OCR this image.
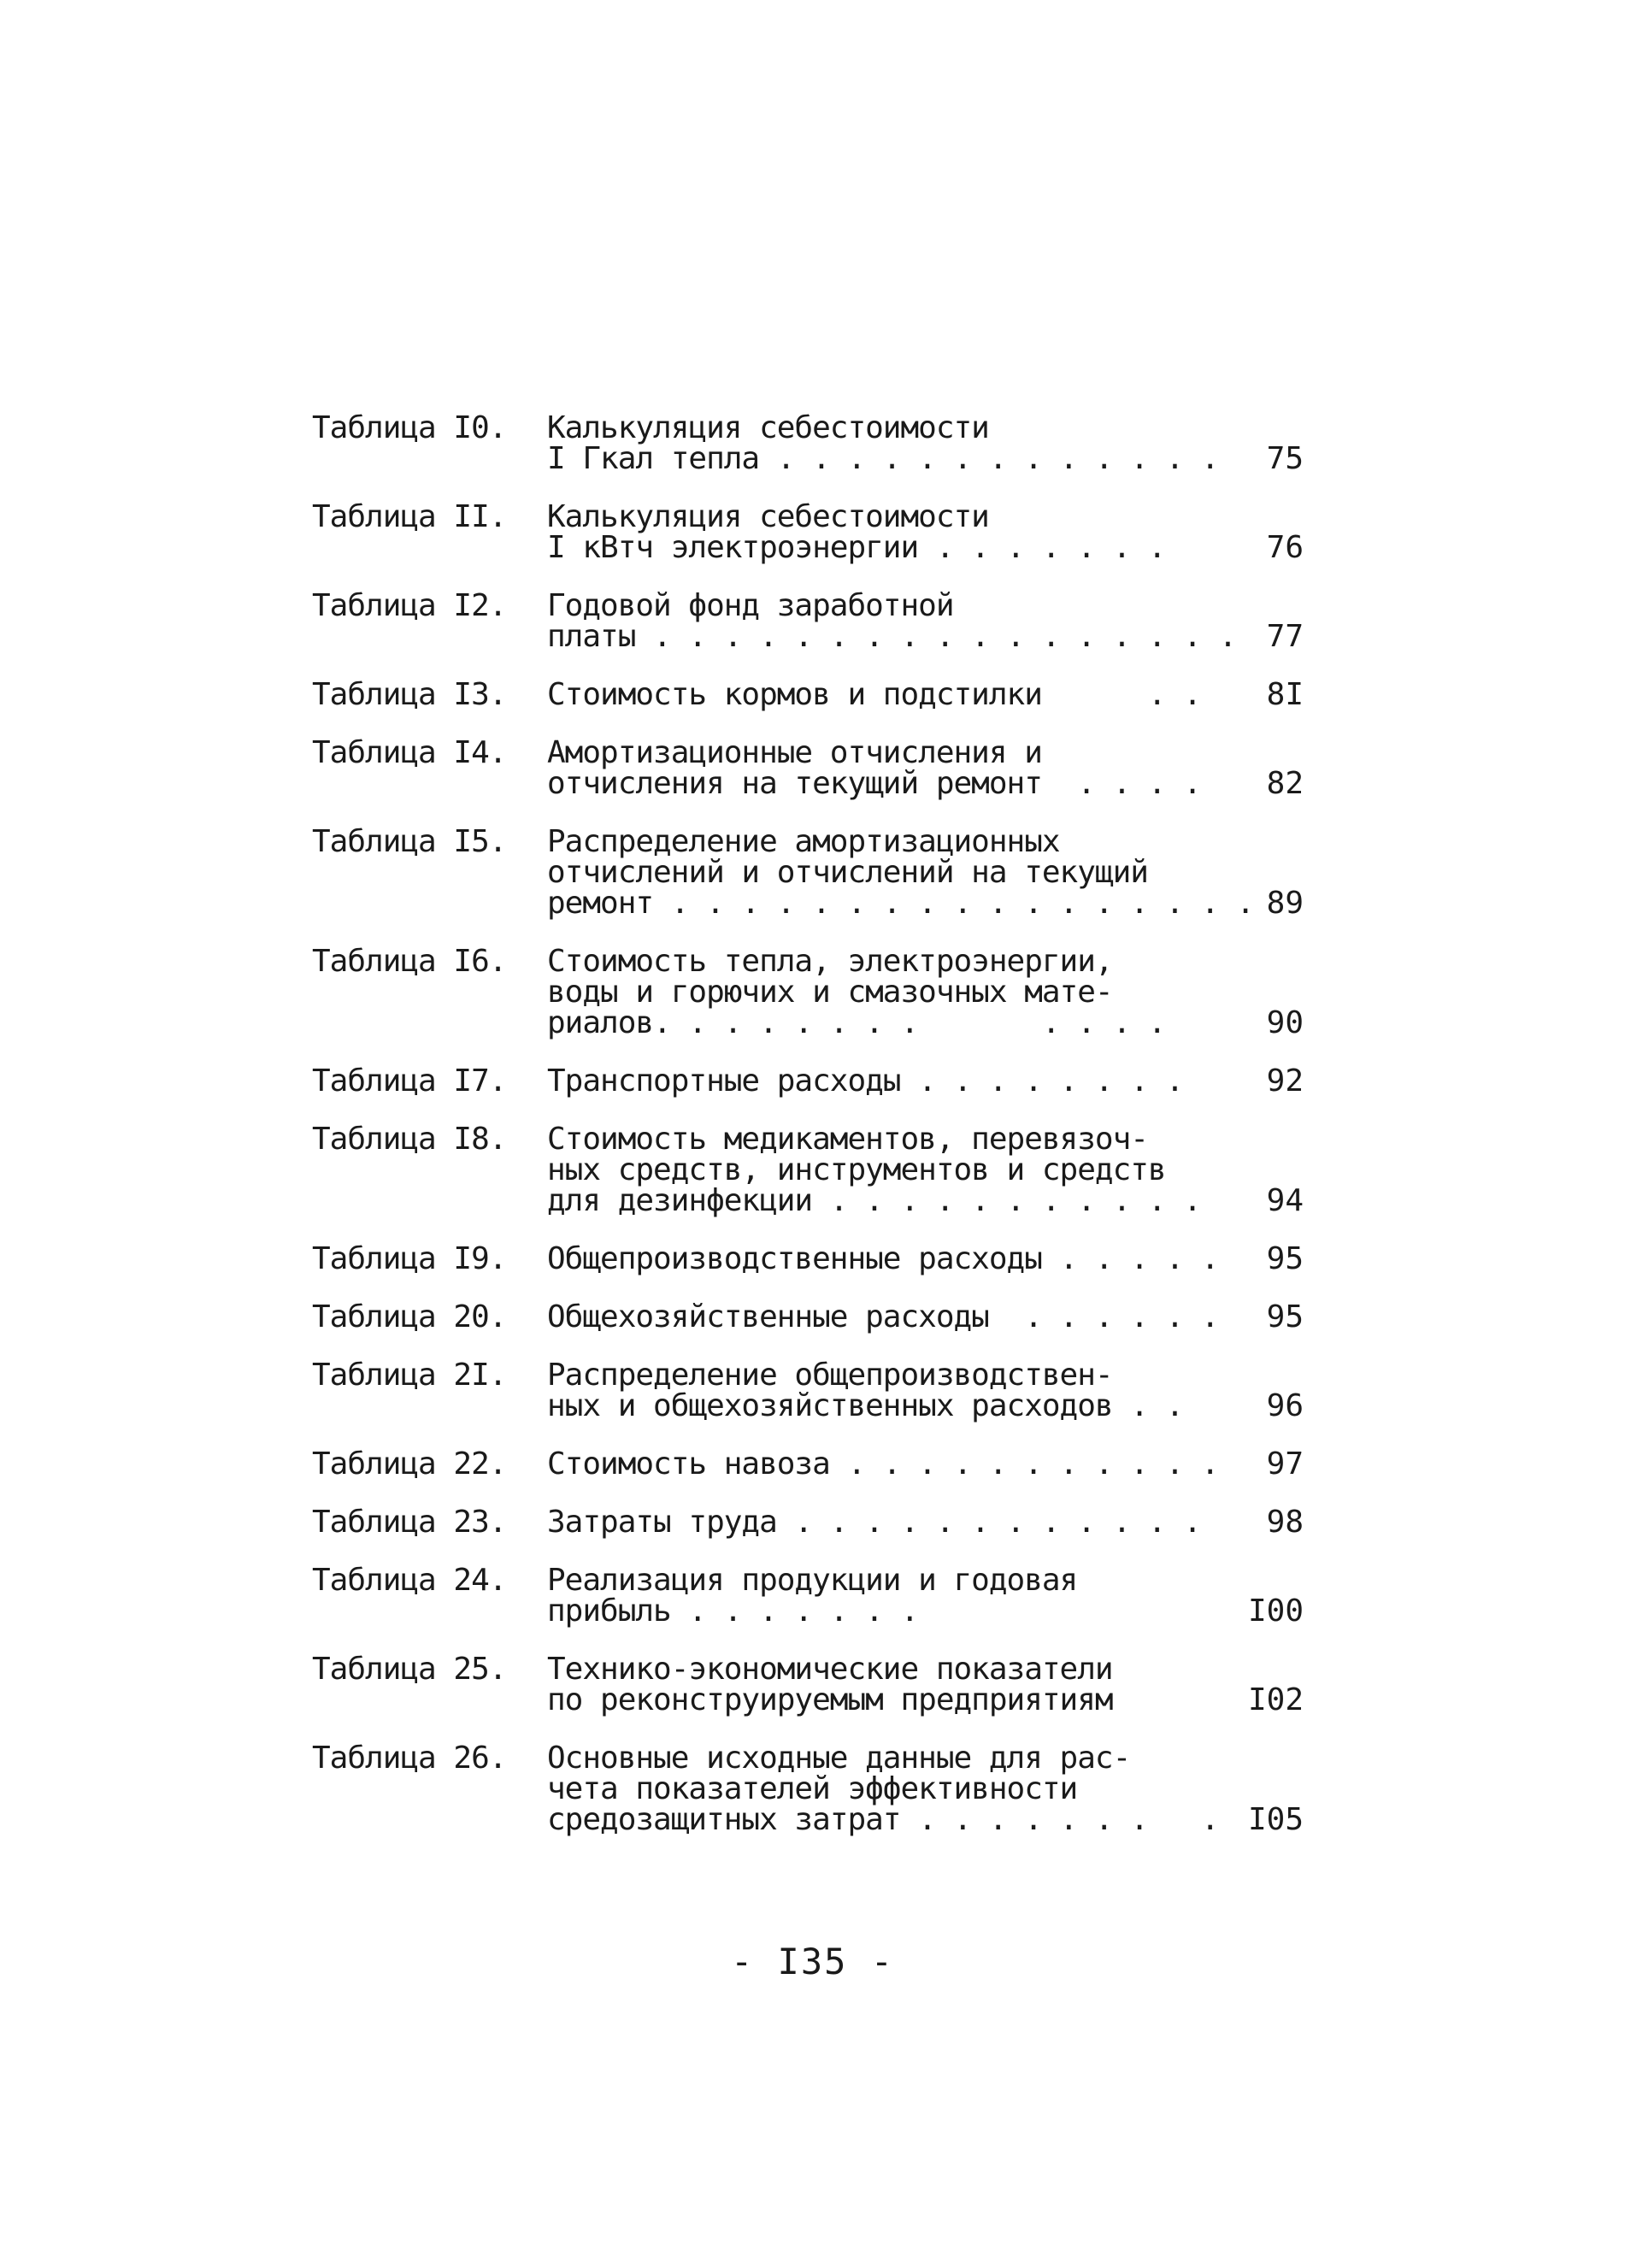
Таблица I0.	Калькуляция себестоимости
I Гкал тепла . . . . . . . . . . . . .	75
Таблица II.	Калькуляция себестоимости
I кВтч электроэнергии . . . . . . .	76
Таблица I2.	Годовой фонд заработной
платы . . . . . . . . . . . . . . . . . 77
Таблица I3.	Стоимость кормов и подстилки      . .	8I
Таблица I4.	Амортизационные отчисления и
отчисления на текущий ремонт  . . . .	82
Таблица I5.	Распределение амортизационных
отчислений и отчислений на текущий
ремонт . . . . . . . . . . . . . . . . . 89
Таблица I6.	Стоимость тепла, электроэнергии,
воды и горючих и смазочных мате-
риалов. . . . . . . .       . . . .	90
Таблица I7.	Транспортные расходы . . . . . . . .	92
Таблица I8.	Стоимость медикаментов, перевязоч-
ных средств, инструментов и средств
для дезинфекции . . . . . . . . . . .	94
Таблица I9.	Общепроизводственные расходы . . . . .	95
Таблица 20.	Общехозяйственные расходы  . . . . . .	95
Таблица 2I.	Распределение общепроизводствен-
ных и общехозяйственных расходов . .	96
Таблица 22.	Стоимость навоза . . . . . . . . . . .	97
Таблица 23.	Затраты труда . . . . . . . . . . . .	98
Таблица 24.	Реализация продукции и годовая
прибыль . . . . . . .	I00
Таблица 25.	Технико-экономические показатели
по реконструируемым предприятиям	I02
Таблица 26.	Основные исходные данные для рас-
чета показателей эффективности
средозащитных затрат . . . . . . .   . I05
- I35 -
